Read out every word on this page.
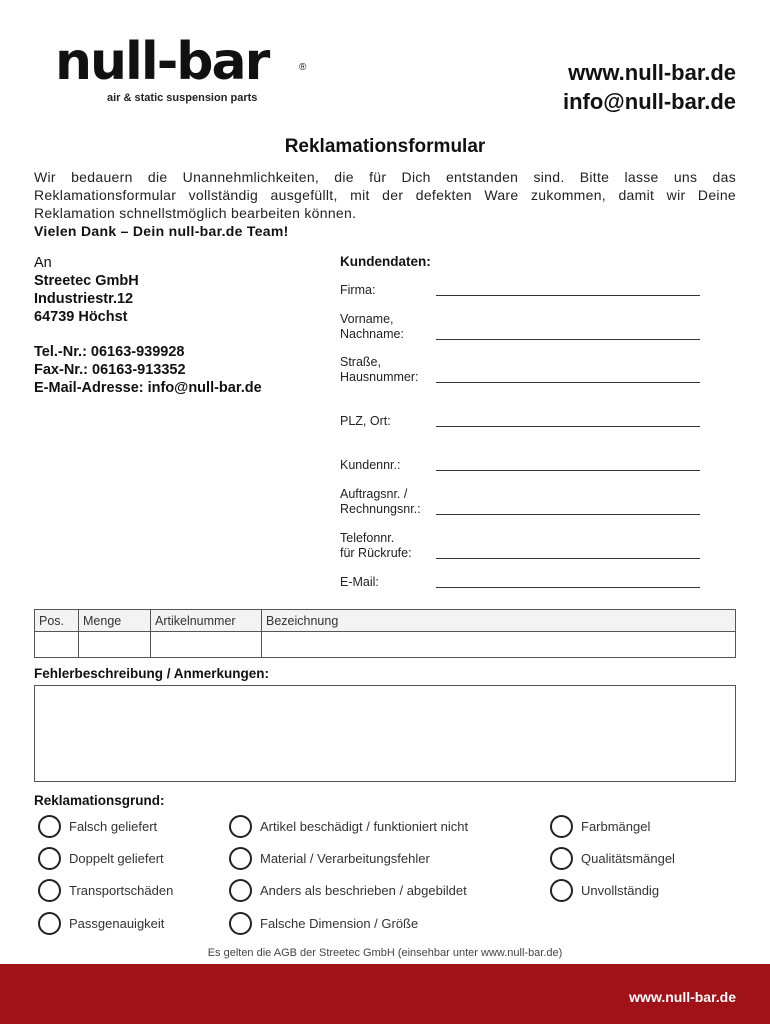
null-bar	®
air & static suspension parts
www.null-bar.de
info@null-bar.de
Reklamationsformular
Wir bedauern die Unannehmlichkeiten, die für Dich entstanden sind. Bitte lasse uns das Reklamationsformular vollständig ausgefüllt, mit der defekten Ware zukommen, damit wir Deine Reklamation schnellstmöglich bearbeiten können.
Vielen Dank – Dein null-bar.de Team!
An
Streetec GmbH
Industriestr.12
64739 Höchst
Tel.-Nr.: 06163-939928
Fax-Nr.: 06163-913352
E-Mail-Adresse: info@null-bar.de
Kundendaten:
Firma:
Vorname,
Nachname:
Straße,
Hausnummer:
PLZ, Ort:
Kundennr.:
Auftragsnr. /
Rechnungsnr.:
Telefonnr.
für Rückrufe:
E-Mail:
Pos.	Menge	Artikelnummer	Bezeichnung

Fehlerbeschreibung / Anmerkungen:
Reklamationsgrund:
Falsch geliefert	Artikel beschädigt / funktioniert nicht	Farbmängel
Doppelt geliefert	Material / Verarbeitungsfehler	Qualitätsmängel
Transportschäden	Anders als beschrieben / abgebildet	Unvollständig
Passgenauigkeit	Falsche Dimension / Größe
Es gelten die AGB der Streetec GmbH (einsehbar unter www.null-bar.de)
www.null-bar.de
